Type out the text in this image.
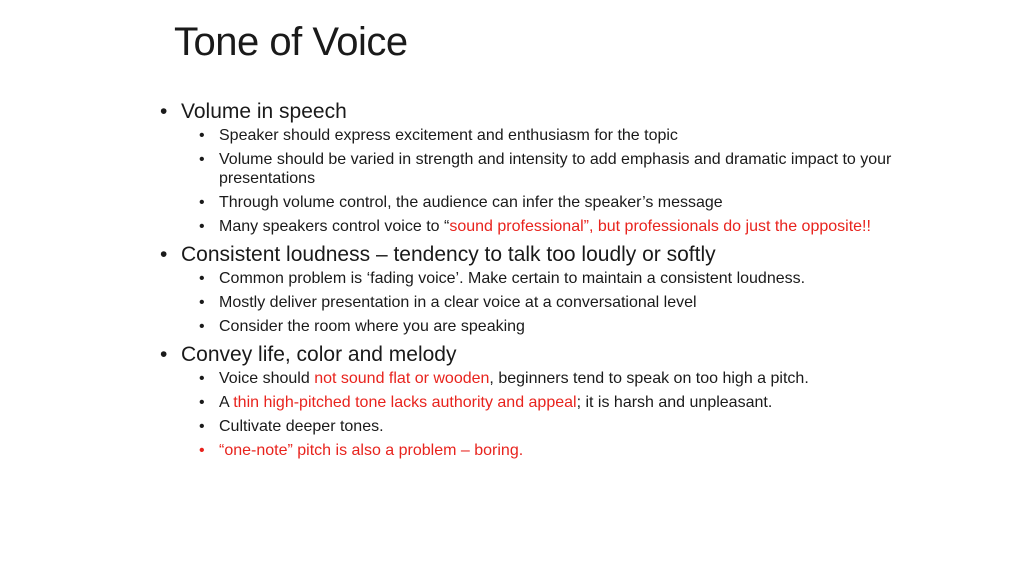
Tone of Voice
• Volume in speech
• Speaker should express excitement and enthusiasm for the topic
• Volume should be varied in strength and intensity to add emphasis and dramatic impact to your presentations
• Through volume control, the audience can infer the speaker’s message
• Many speakers control voice to “sound professional”, but professionals do just the opposite!!
• Consistent loudness – tendency to talk too loudly or softly
• Common problem is ‘fading voice’. Make certain to maintain a consistent loudness.
• Mostly deliver presentation in a clear voice at a conversational level
• Consider the room where you are speaking
• Convey life, color and melody
• Voice should not sound flat or wooden, beginners tend to speak on too high a pitch.
• A thin high-pitched tone lacks authority and appeal; it is harsh and unpleasant.
• Cultivate deeper tones.
• “one-note” pitch is also a problem – boring.
